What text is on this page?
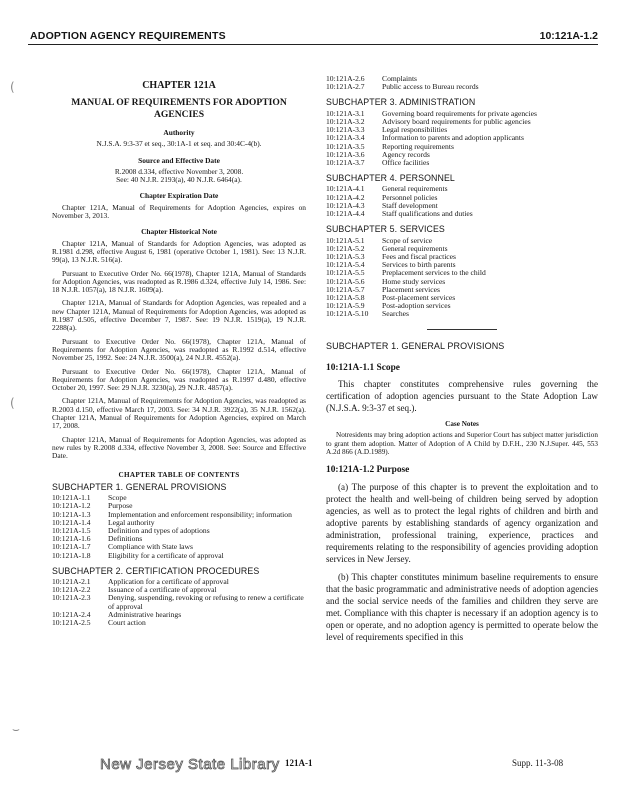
ADOPTION AGENCY REQUIREMENTS	10:121A-1.2
(
(
⌣
CHAPTER 121A
MANUAL OF REQUIREMENTS FOR ADOPTION AGENCIES
Authority
N.J.S.A. 9:3-37 et seq., 30:1A-1 et seq. and 30:4C-4(b).
Source and Effective Date
R.2008 d.334, effective November 3, 2008.
See: 40 N.J.R. 2193(a), 40 N.J.R. 6464(a).
Chapter Expiration Date
Chapter 121A, Manual of Requirements for Adoption Agencies, expires on November 3, 2013.
Chapter Historical Note
Chapter 121A, Manual of Standards for Adoption Agencies, was adopted as R.1981 d.298, effective August 6, 1981 (operative October 1, 1981). See: 13 N.J.R. 99(a), 13 N.J.R. 516(a).
Pursuant to Executive Order No. 66(1978), Chapter 121A, Manual of Standards for Adoption Agencies, was readopted as R.1986 d.324, effective July 14, 1986. See: 18 N.J.R. 1057(a), 18 N.J.R. 1609(a).
Chapter 121A, Manual of Standards for Adoption Agencies, was repealed and a new Chapter 121A, Manual of Requirements for Adoption Agencies, was adopted as R.1987 d.505, effective December 7, 1987. See: 19 N.J.R. 1519(a), 19 N.J.R. 2288(a).
Pursuant to Executive Order No. 66(1978), Chapter 121A, Manual of Requirements for Adoption Agencies, was readopted as R.1992 d.514, effective November 25, 1992. See: 24 N.J.R. 3500(a), 24 N.J.R. 4552(a).
Pursuant to Executive Order No. 66(1978), Chapter 121A, Manual of Requirements for Adoption Agencies, was readopted as R.1997 d.480, effective October 20, 1997. See: 29 N.J.R. 3230(a), 29 N.J.R. 4857(a).
Chapter 121A, Manual of Requirements for Adoption Agencies, was readopted as R.2003 d.150, effective March 17, 2003. See: 34 N.J.R. 3922(a), 35 N.J.R. 1562(a). Chapter 121A, Manual of Requirements for Adoption Agencies, expired on March 17, 2008.
Chapter 121A, Manual of Requirements for Adoption Agencies, was adopted as new rules by R.2008 d.334, effective November 3, 2008. See: Source and Effective Date.
CHAPTER TABLE OF CONTENTS
SUBCHAPTER 1. GENERAL PROVISIONS
10:121A-1.1	Scope
10:121A-1.2	Purpose
10:121A-1.3	Implementation and enforcement responsibility; information
10:121A-1.4	Legal authority
10:121A-1.5	Definition and types of adoptions
10:121A-1.6	Definitions
10:121A-1.7	Compliance with State laws
10:121A-1.8	Eligibility for a certificate of approval
SUBCHAPTER 2. CERTIFICATION PROCEDURES
10:121A-2.1	Application for a certificate of approval
10:121A-2.2	Issuance of a certificate of approval
10:121A-2.3	Denying, suspending, revoking or refusing to renew a certificate of approval
10:121A-2.4	Administrative hearings
10:121A-2.5	Court action
10:121A-2.6	Complaints
10:121A-2.7	Public access to Bureau records
SUBCHAPTER 3. ADMINISTRATION
10:121A-3.1	Governing board requirements for private agencies
10:121A-3.2	Advisory board requirements for public agencies
10:121A-3.3	Legal responsibilities
10:121A-3.4	Information to parents and adoption applicants
10:121A-3.5	Reporting requirements
10:121A-3.6	Agency records
10:121A-3.7	Office facilities
SUBCHAPTER 4. PERSONNEL
10:121A-4.1	General requirements
10:121A-4.2	Personnel policies
10:121A-4.3	Staff development
10:121A-4.4	Staff qualifications and duties
SUBCHAPTER 5. SERVICES
10:121A-5.1	Scope of service
10:121A-5.2	General requirements
10:121A-5.3	Fees and fiscal practices
10:121A-5.4	Services to birth parents
10:121A-5.5	Preplacement services to the child
10:121A-5.6	Home study services
10:121A-5.7	Placement services
10:121A-5.8	Post-placement services
10:121A-5.9	Post-adoption services
10:121A-5.10	Searches
SUBCHAPTER 1. GENERAL PROVISIONS
10:121A-1.1 Scope
This chapter constitutes comprehensive rules governing the certification of adoption agencies pursuant to the State Adoption Law (N.J.S.A. 9:3-37 et seq.).
Case Notes
Notresidents may bring adoption actions and Superior Court has subject matter jurisdiction to grant them adoption. Matter of Adoption of A Child by D.F.H., 230 N.J.Super. 445, 553 A.2d 866 (A.D.1989).
10:121A-1.2 Purpose
(a) The purpose of this chapter is to prevent the exploitation and to protect the health and well-being of children being served by adoption agencies, as well as to protect the legal rights of children and birth and adoptive parents by establishing standards of agency organization and administration, professional training, experience, practices and requirements relating to the responsibility of agencies providing adoption services in New Jersey.
(b) This chapter constitutes minimum baseline requirements to ensure that the basic programmatic and administrative needs of adoption agencies and the social service needs of the families and children they serve are met. Compliance with this chapter is necessary if an adoption agency is to open or operate, and no adoption agency is permitted to operate below the level of requirements specified in this
New Jersey State Library 121A-1	Supp. 11-3-08
